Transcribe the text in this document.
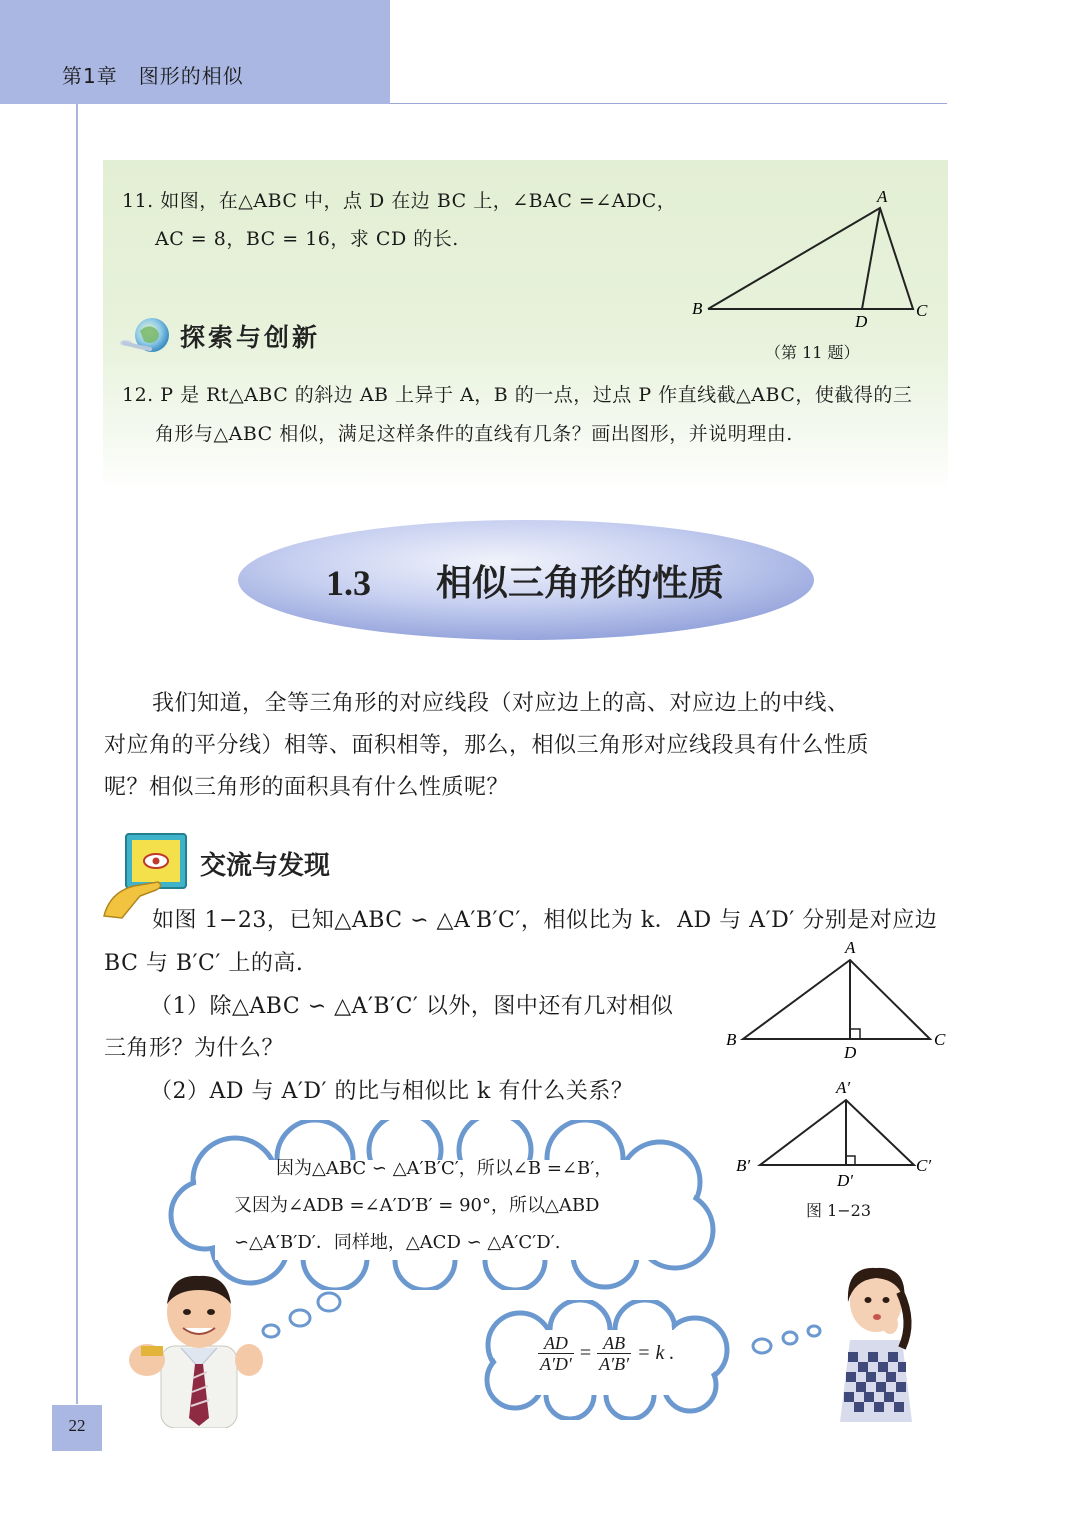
第1章　图形的相似
11. 如图，在△ABC 中，点 D 在边 BC 上，∠BAC =∠ADC，
AC = 8，BC = 16，求 CD 的长.
A
B	C
D
（第 11 题）
探索与创新
12. P 是 Rt△ABC 的斜边 AB 上异于 A，B 的一点，过点 P 作直线截△ABC，使截得的三
角形与△ABC 相似，满足这样条件的直线有几条？画出图形，并说明理由.
1.3 相似三角形的性质
我们知道，全等三角形的对应线段（对应边上的高、对应边上的中线、
对应角的平分线）相等、面积相等，那么，相似三角形对应线段具有什么性质
呢？相似三角形的面积具有什么性质呢？
交流与发现
如图 1−23，已知△ABC ∽ △A′B′C′，相似比为 k．AD 与 A′D′ 分别是对应边
BC 与 B′C′ 上的高.
（1）除△ABC ∽ △A′B′C′ 以外，图中还有几对相似
三角形？为什么？
（2）AD 与 A′D′ 的比与相似比 k 有什么关系？
A
B	C
D
A′
B′	C′
D′
图 1−23
因为△ABC ∽ △A′B′C′，所以∠B =∠B′，
又因为∠ADB =∠A′D′B′ = 90°，所以△ABD
∽△A′B′D′．同样地，△ACD ∽ △A′C′D′.
$\frac{AD}{A'D'} = \frac{AB}{A'B'} = k$ .
22
